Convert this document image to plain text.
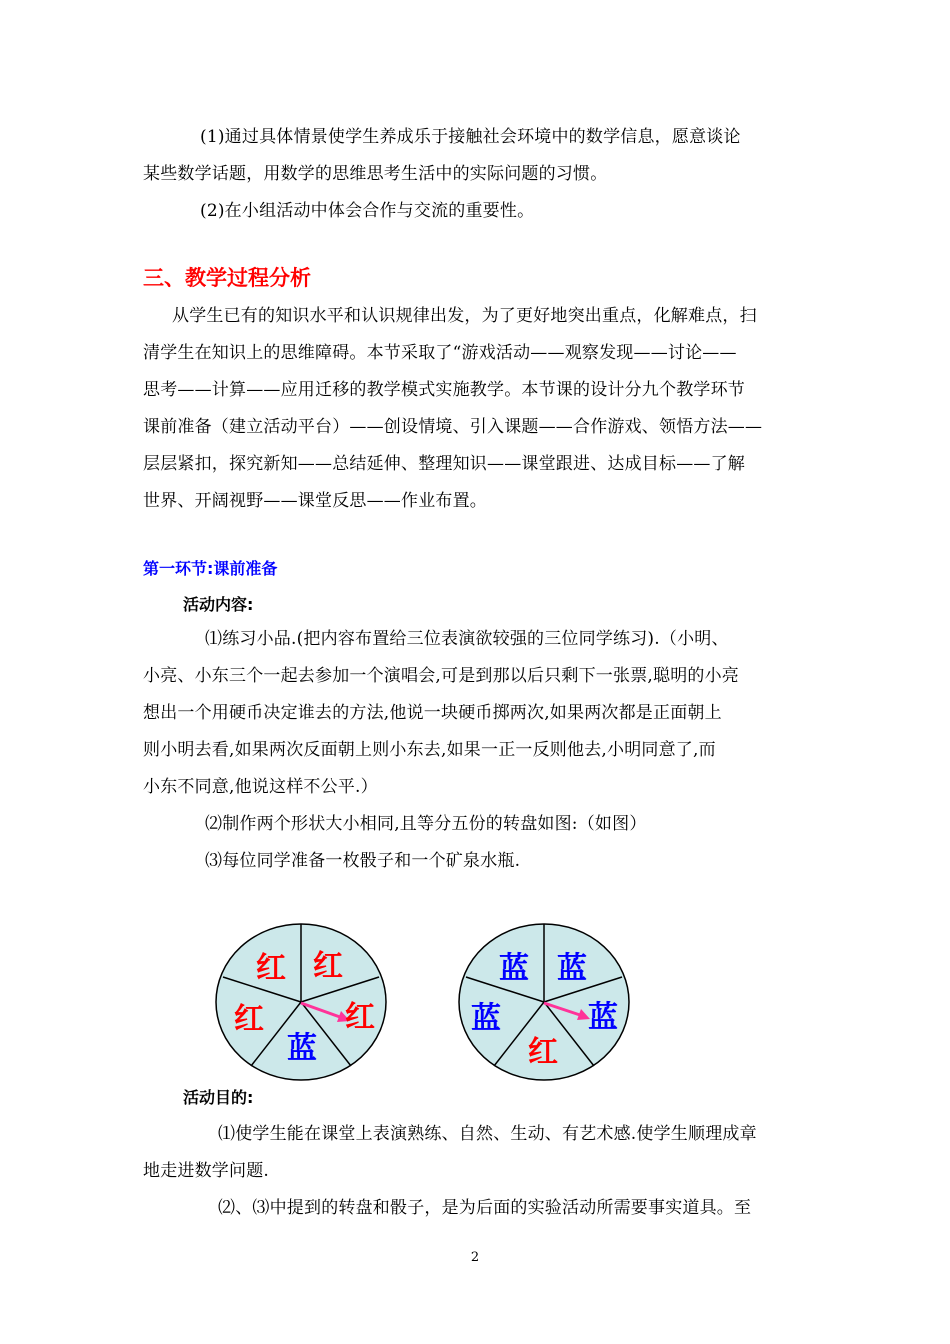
(1)通过具体情景使学生养成乐于接触社会环境中的数学信息，愿意谈论
某些数学话题，用数学的思维思考生活中的实际问题的习惯。
(2)在小组活动中体会合作与交流的重要性。
三、教学过程分析
从学生已有的知识水平和认识规律出发，为了更好地突出重点，化解难点，扫
清学生在知识上的思维障碍。本节采取了“游戏活动——观察发现——讨论——
思考——计算——应用迁移的教学模式实施教学。本节课的设计分九个教学环节
课前准备（建立活动平台）——创设情境、引入课题——合作游戏、领悟方法——
层层紧扣，探究新知——总结延伸、整理知识——课堂跟进、达成目标——了解
世界、开阔视野——课堂反思——作业布置。
第一环节:课前准备
活动内容:
⑴练习小品.(把内容布置给三位表演欲较强的三位同学练习).（小明、
小亮、小东三个一起去参加一个演唱会,可是到那以后只剩下一张票,聪明的小亮
想出一个用硬币决定谁去的方法,他说一块硬币掷两次,如果两次都是正面朝上
则小明去看,如果两次反面朝上则小东去,如果一正一反则他去,小明同意了,而
小东不同意,他说这样不公平.）
⑵制作两个形状大小相同,且等分五份的转盘如图:（如图）
⑶每位同学准备一枚骰子和一个矿泉水瓶.
红 红
红	红
蓝
蓝 蓝
蓝	蓝
红
活动目的:
⑴使学生能在课堂上表演熟练、自然、生动、有艺术感.使学生顺理成章
地走进数学问题.
⑵、⑶中提到的转盘和骰子，是为后面的实验活动所需要事实道具。至
2
